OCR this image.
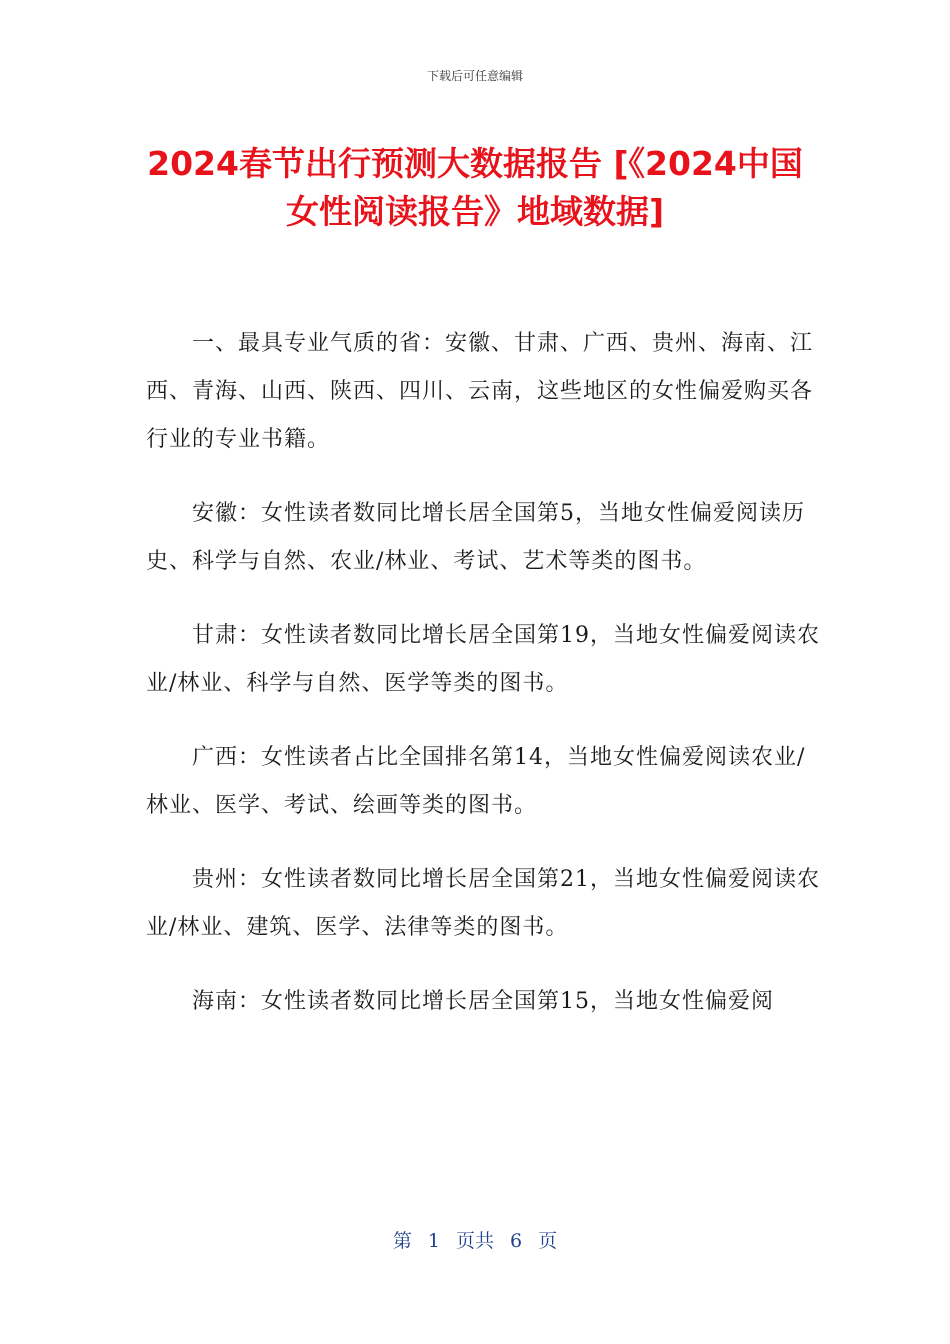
下载后可任意编辑
2024春节出行预测大数据报告 [《2024中国女性阅读报告》地域数据]

一、最具专业气质的省：安徽、甘肃、广西、贵州、海南、江西、青海、山西、陕西、四川、云南，这些地区的女性偏爱购买各行业的专业书籍。

安徽：女性读者数同比增长居全国第5，当地女性偏爱阅读历史、科学与自然、农业/林业、考试、艺术等类的图书。

甘肃：女性读者数同比增长居全国第19，当地女性偏爱阅读农业/林业、科学与自然、医学等类的图书。

广西：女性读者占比全国排名第14，当地女性偏爱阅读农业/林业、医学、考试、绘画等类的图书。

贵州：女性读者数同比增长居全国第21，当地女性偏爱阅读农业/林业、建筑、医学、法律等类的图书。

海南：女性读者数同比增长居全国第15，当地女性偏爱阅

第 1 页共 6 页
